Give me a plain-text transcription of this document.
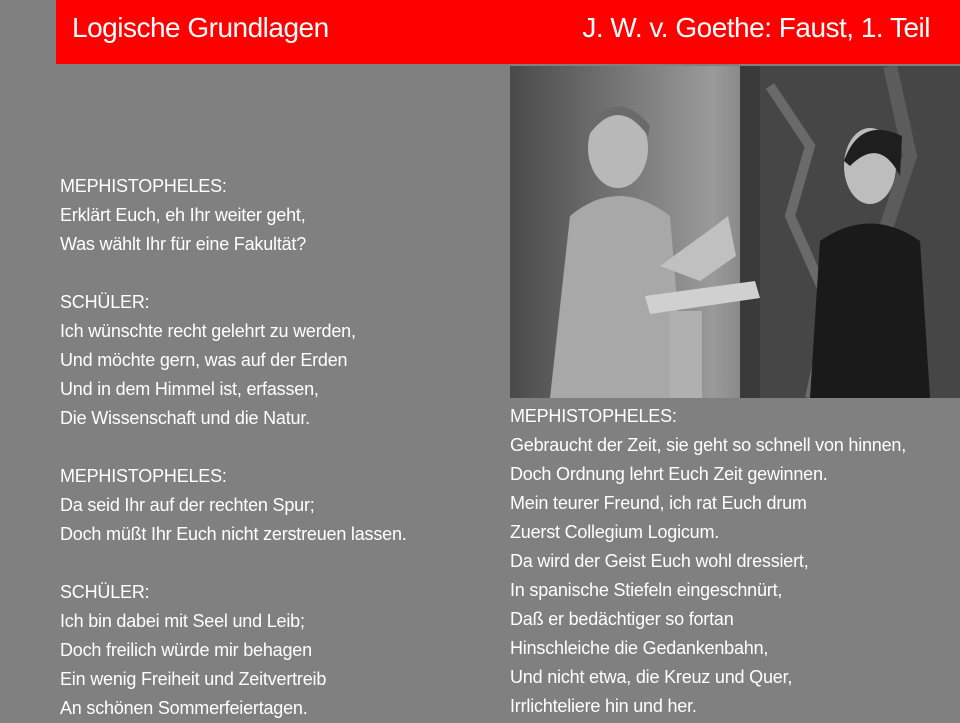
Logische Grundlagen	J. W. v. Goethe: Faust, 1. Teil
MEPHISTOPHELES:
Erklärt Euch, eh Ihr weiter geht,
Was wählt Ihr für eine Fakultät?
SCHÜLER:
Ich wünschte recht gelehrt zu werden,
Und möchte gern, was auf der Erden
Und in dem Himmel ist, erfassen,
Die Wissenschaft und die Natur.
MEPHISTOPHELES:
Da seid Ihr auf der rechten Spur;
Doch müßt Ihr Euch nicht zerstreuen lassen.
SCHÜLER:
Ich bin dabei mit Seel und Leib;
Doch freilich würde mir behagen
Ein wenig Freiheit und Zeitvertreib
An schönen Sommerfeiertagen.
MEPHISTOPHELES:
Gebraucht der Zeit, sie geht so schnell von hinnen,
Doch Ordnung lehrt Euch Zeit gewinnen.
Mein teurer Freund, ich rat Euch drum
Zuerst Collegium Logicum.
Da wird der Geist Euch wohl dressiert,
In spanische Stiefeln eingeschnürt,
Daß er bedächtiger so fortan
Hinschleiche die Gedankenbahn,
Und nicht etwa, die Kreuz und Quer,
Irrlichteliere hin und her.
